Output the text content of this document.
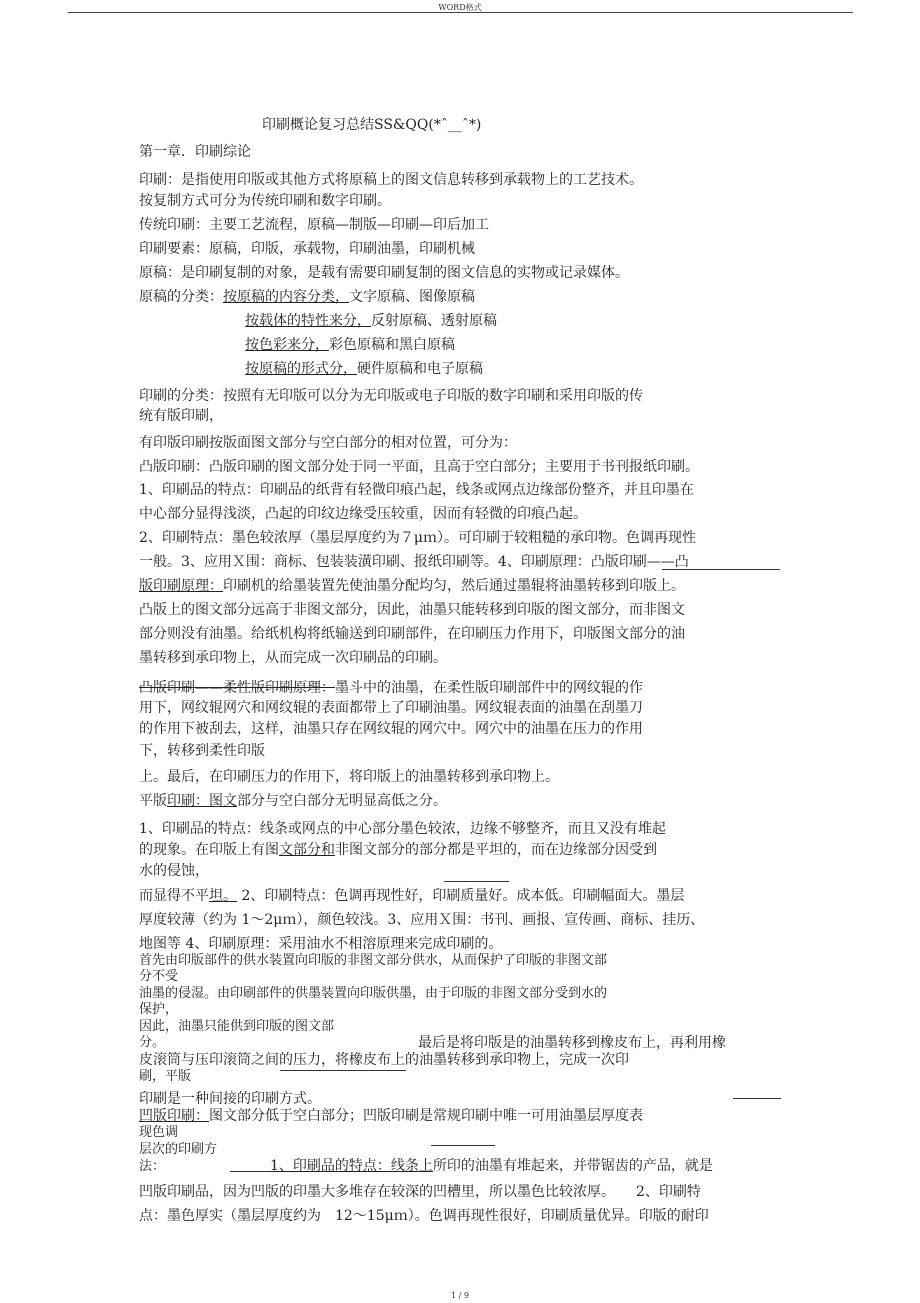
WORD格式
印刷概论复习总结SS&QQ(*ˆ__ˆ*)
第一章．印刷综论
印刷：是指使用印版或其他方式将原稿上的图文信息转移到承载物上的工艺技术。
按复制方式可分为传统印刷和数字印刷。
传统印刷：主要工艺流程，原稿—制版—印刷—印后加工
印刷要素：原稿，印版，承载物，印刷油墨，印刷机械
原稿：是印刷复制的对象，是载有需要印刷复制的图文信息的实物或记录媒体。
原稿的分类：按原稿的内容分类，文字原稿、图像原稿
按载体的特性来分，反射原稿、透射原稿
按色彩来分，彩色原稿和黑白原稿
按原稿的形式分，硬件原稿和电子原稿
印刷的分类：按照有无印版可以分为无印版或电子印版的数字印刷和采用印版的传
统有版印刷，
有印版印刷按版面图文部分与空白部分的相对位置，可分为：
凸版印刷：凸版印刷的图文部分处于同一平面，且高于空白部分；主要用于书刊报纸印刷。
1、印刷品的特点：印刷品的纸背有轻微印痕凸起，线条或网点边缘部份整齐，并且印墨在
中心部分显得浅淡，凸起的印纹边缘受压较重，因而有轻微的印痕凸起。
2、印刷特点：墨色较浓厚（墨层厚度约为７μｍ）。可印刷于较粗糙的承印物。色调再现性
一般。3、应用Ｘ围：商标、包装装潢印刷、报纸印刷等。4、印刷原理：凸版印刷——凸
版印刷原理：印刷机的给墨装置先使油墨分配均匀，然后通过墨辊将油墨转移到印版上。
凸版上的图文部分远高于非图文部分，因此，油墨只能转移到印版的图文部分，而非图文
部分则没有油墨。给纸机构将纸输送到印刷部件，在印刷压力作用下，印版图文部分的油
墨转移到承印物上，从而完成一次印刷品的印刷。
凸版印刷——柔性版印刷原理：墨斗中的油墨，在柔性版印刷部件中的网纹辊的作
用下，网纹辊网穴和网纹辊的表面都带上了印刷油墨。网纹辊表面的油墨在刮墨刀
的作用下被刮去，这样，油墨只存在网纹辊的网穴中。网穴中的油墨在压力的作用
下，转移到柔性印版
上。最后，在印刷压力的作用下，将印版上的油墨转移到承印物上。
平版印刷：图文部分与空白部分无明显高低之分。
1、印刷品的特点：线条或网点的中心部分墨色较浓，边缘不够整齐，而且又没有堆起
的现象。在印版上有图文部分和非图文部分的部分都是平坦的，而在边缘部分因受到
水的侵蚀，
而显得不平坦。 2、印刷特点：色调再现性好，印刷质量好。成本低。印刷幅面大。墨层
厚度较薄（约为 1～2μｍ），颜色较浅。3、应用Ｘ围：书刊、画报、宣传画、商标、挂历、
地图等 4、印刷原理：采用油水不相溶原理来完成印刷的。
首先由印版部件的供水装置向印版的非图文部分供水，从而保护了印版的非图文部
分不受
油墨的侵湿。由印刷部件的供墨装置向印版供墨，由于印版的非图文部分受到水的
保护，
因此，油墨只能供到印版的图文部
分。	最后是将印版是的油墨转移到橡皮布上，再利用橡
皮滚筒与压印滚筒之间的压力，将橡皮布上的油墨转移到承印物上，完成一次印
刷，平版
印刷是一种间接的印刷方式。
凹版印刷：图文部分低于空白部分；凹版印刷是常规印刷中唯一可用油墨层厚度表
现色调
层次的印刷方
法：	1、印刷品的特点：线条上所印的油墨有堆起来，并带锯齿的产品，就是
凹版印刷品，因为凹版的印墨大多堆存在较深的凹槽里，所以墨色比较浓厚。　　2、印刷特
点：墨色厚实（墨层厚度约为　12～15μｍ）。色调再现性很好，印刷质量优异。印版的耐印
1 / 9
